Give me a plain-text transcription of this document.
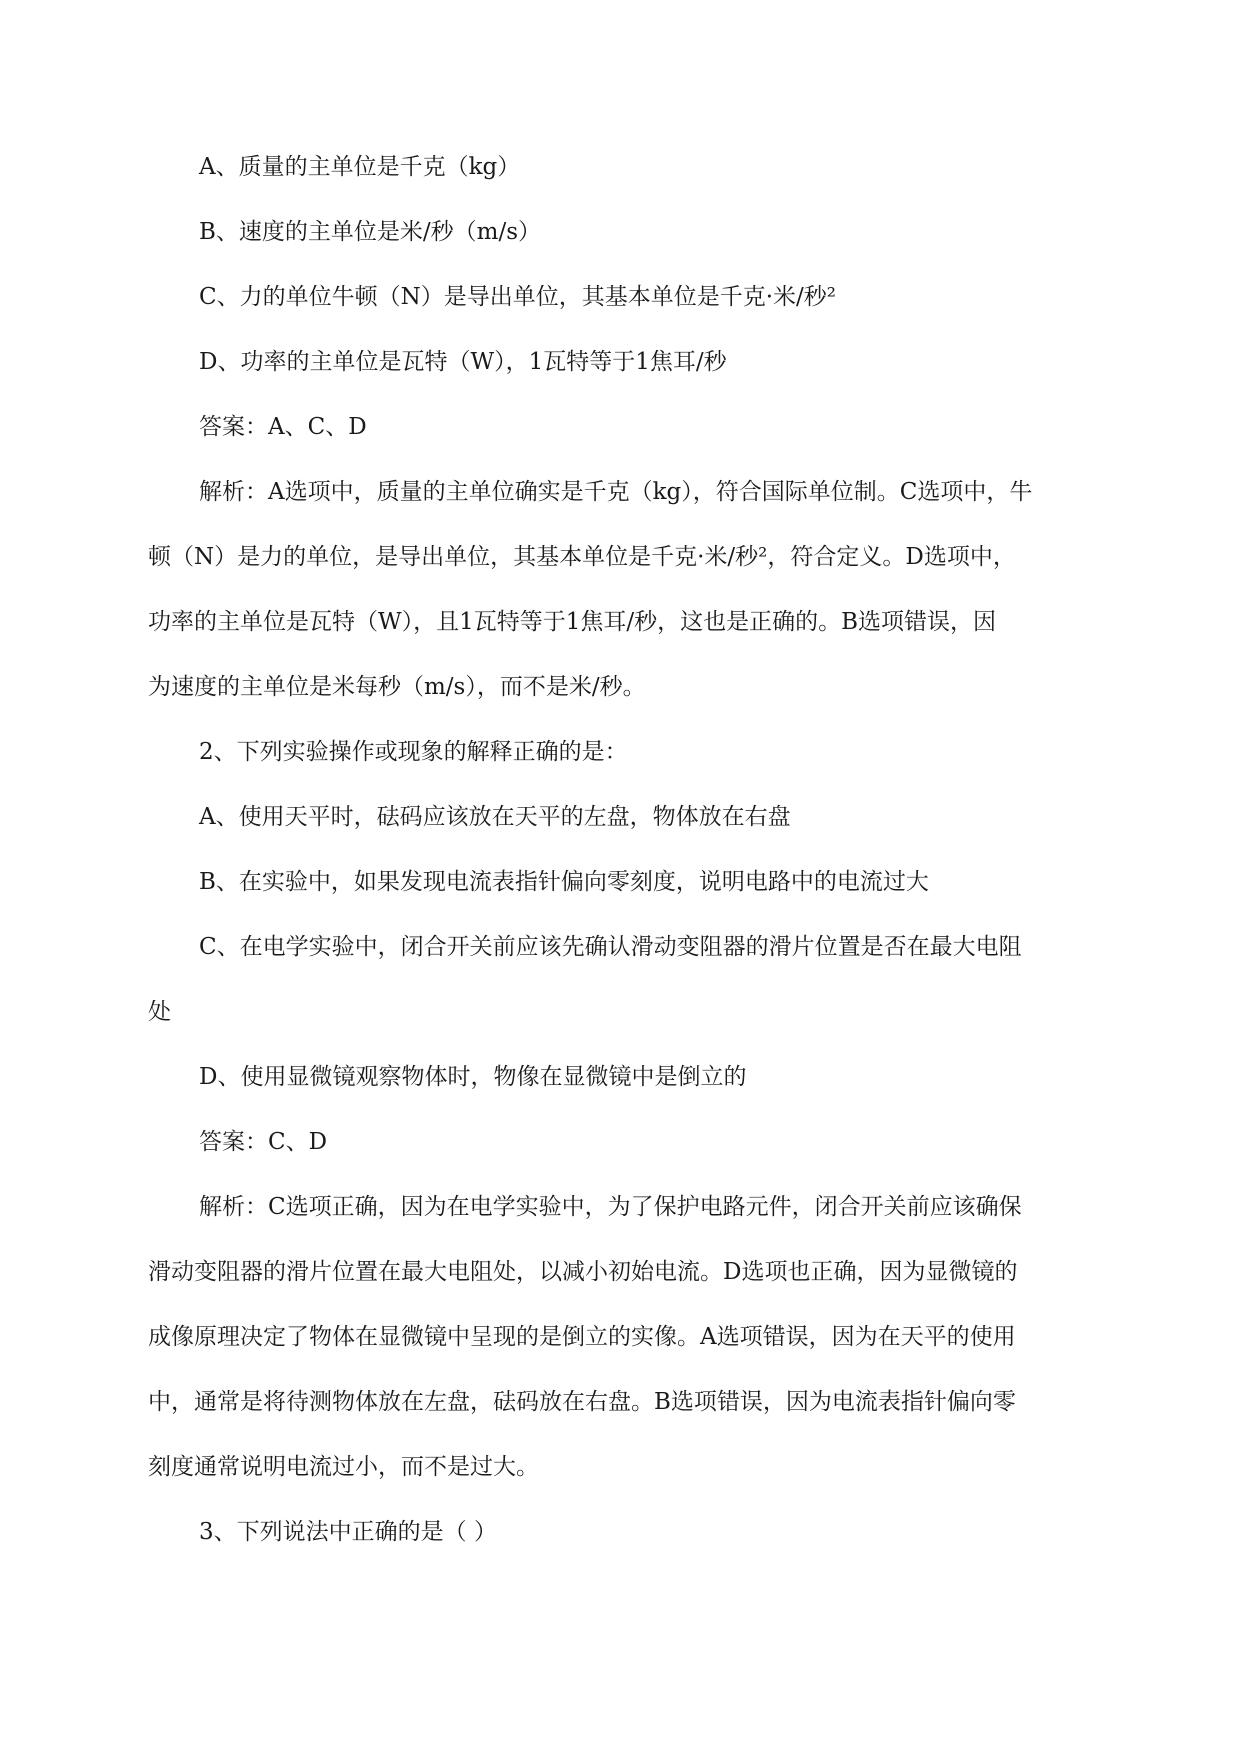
A、质量的主单位是千克（kg）
B、速度的主单位是米/秒（m/s）
C、力的单位牛顿（N）是导出单位，其基本单位是千克·米/秒²
D、功率的主单位是瓦特（W），1瓦特等于1焦耳/秒
答案：A、C、D
解析：A选项中，质量的主单位确实是千克（kg），符合国际单位制。C选项中，牛
顿（N）是力的单位，是导出单位，其基本单位是千克·米/秒²，符合定义。D选项中，
功率的主单位是瓦特（W），且1瓦特等于1焦耳/秒，这也是正确的。B选项错误，因
为速度的主单位是米每秒（m/s），而不是米/秒。
2、下列实验操作或现象的解释正确的是：
A、使用天平时，砝码应该放在天平的左盘，物体放在右盘
B、在实验中，如果发现电流表指针偏向零刻度，说明电路中的电流过大
C、在电学实验中，闭合开关前应该先确认滑动变阻器的滑片位置是否在最大电阻
处
D、使用显微镜观察物体时，物像在显微镜中是倒立的
答案：C、D
解析：C选项正确，因为在电学实验中，为了保护电路元件，闭合开关前应该确保
滑动变阻器的滑片位置在最大电阻处，以减小初始电流。D选项也正确，因为显微镜的
成像原理决定了物体在显微镜中呈现的是倒立的实像。A选项错误，因为在天平的使用
中，通常是将待测物体放在左盘，砝码放在右盘。B选项错误，因为电流表指针偏向零
刻度通常说明电流过小，而不是过大。
3、下列说法中正确的是（ ）
